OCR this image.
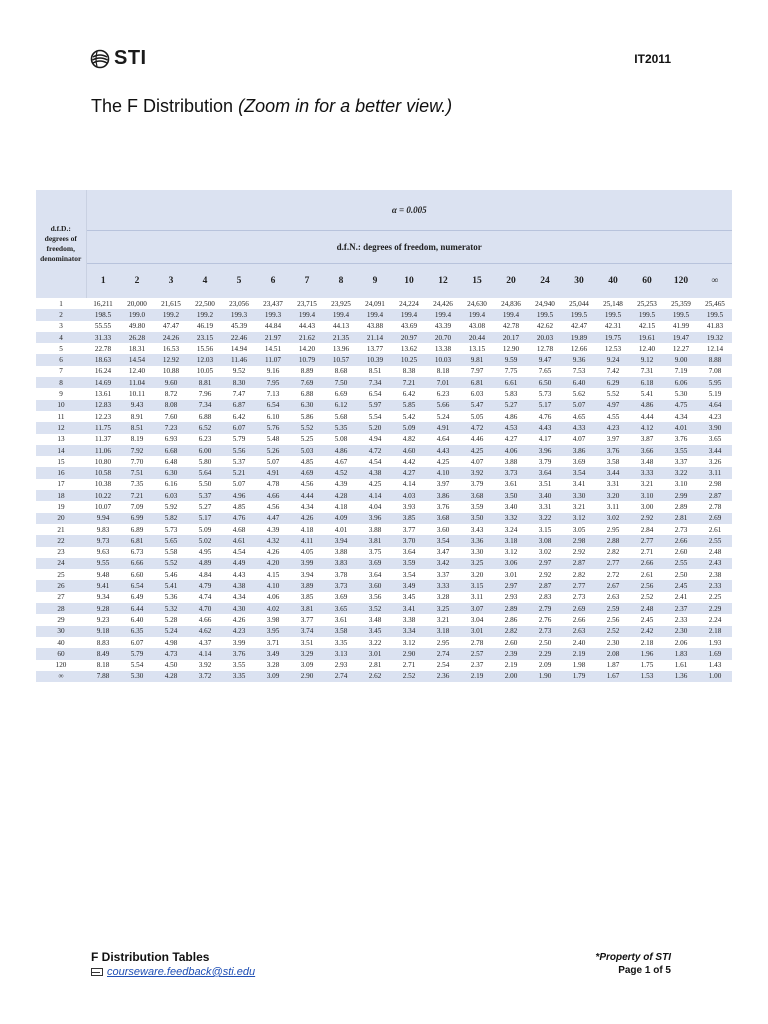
STI	IT2011
The F Distribution (Zoom in for a better view.)
d.f.D.:
degrees of
freedom,
denominator	α = 0.005																		
	d.f.N.: degrees of freedom, numerator																		
	1	2	3	4	5	6	7	8	9	10	12	15	20	24	30	40	60	120	∞
1	16,211	20,000	21,615	22,500	23,056	23,437	23,715	23,925	24,091	24,224	24,426	24,630	24,836	24,940	25,044	25,148	25,253	25,359	25,465
2	198.5	199.0	199.2	199.2	199.3	199.3	199.4	199.4	199.4	199.4	199.4	199.4	199.4	199.5	199.5	199.5	199.5	199.5	199.5
3	55.55	49.80	47.47	46.19	45.39	44.84	44.43	44.13	43.88	43.69	43.39	43.08	42.78	42.62	42.47	42.31	42.15	41.99	41.83
4	31.33	26.28	24.26	23.15	22.46	21.97	21.62	21.35	21.14	20.97	20.70	20.44	20.17	20.03	19.89	19.75	19.61	19.47	19.32
5	22.78	18.31	16.53	15.56	14.94	14.51	14.20	13.96	13.77	13.62	13.38	13.15	12.90	12.78	12.66	12.53	12.40	12.27	12.14
6	18.63	14.54	12.92	12.03	11.46	11.07	10.79	10.57	10.39	10.25	10.03	9.81	9.59	9.47	9.36	9.24	9.12	9.00	8.88
7	16.24	12.40	10.88	10.05	9.52	9.16	8.89	8.68	8.51	8.38	8.18	7.97	7.75	7.65	7.53	7.42	7.31	7.19	7.08
8	14.69	11.04	9.60	8.81	8.30	7.95	7.69	7.50	7.34	7.21	7.01	6.81	6.61	6.50	6.40	6.29	6.18	6.06	5.95
9	13.61	10.11	8.72	7.96	7.47	7.13	6.88	6.69	6.54	6.42	6.23	6.03	5.83	5.73	5.62	5.52	5.41	5.30	5.19
10	12.83	9.43	8.08	7.34	6.87	6.54	6.30	6.12	5.97	5.85	5.66	5.47	5.27	5.17	5.07	4.97	4.86	4.75	4.64
11	12.23	8.91	7.60	6.88	6.42	6.10	5.86	5.68	5.54	5.42	5.24	5.05	4.86	4.76	4.65	4.55	4.44	4.34	4.23
12	11.75	8.51	7.23	6.52	6.07	5.76	5.52	5.35	5.20	5.09	4.91	4.72	4.53	4.43	4.33	4.23	4.12	4.01	3.90
13	11.37	8.19	6.93	6.23	5.79	5.48	5.25	5.08	4.94	4.82	4.64	4.46	4.27	4.17	4.07	3.97	3.87	3.76	3.65
14	11.06	7.92	6.68	6.00	5.56	5.26	5.03	4.86	4.72	4.60	4.43	4.25	4.06	3.96	3.86	3.76	3.66	3.55	3.44
15	10.80	7.70	6.48	5.80	5.37	5.07	4.85	4.67	4.54	4.42	4.25	4.07	3.88	3.79	3.69	3.58	3.48	3.37	3.26
16	10.58	7.51	6.30	5.64	5.21	4.91	4.69	4.52	4.38	4.27	4.10	3.92	3.73	3.64	3.54	3.44	3.33	3.22	3.11
17	10.38	7.35	6.16	5.50	5.07	4.78	4.56	4.39	4.25	4.14	3.97	3.79	3.61	3.51	3.41	3.31	3.21	3.10	2.98
18	10.22	7.21	6.03	5.37	4.96	4.66	4.44	4.28	4.14	4.03	3.86	3.68	3.50	3.40	3.30	3.20	3.10	2.99	2.87
19	10.07	7.09	5.92	5.27	4.85	4.56	4.34	4.18	4.04	3.93	3.76	3.59	3.40	3.31	3.21	3.11	3.00	2.89	2.78
20	9.94	6.99	5.82	5.17	4.76	4.47	4.26	4.09	3.96	3.85	3.68	3.50	3.32	3.22	3.12	3.02	2.92	2.81	2.69
21	9.83	6.89	5.73	5.09	4.68	4.39	4.18	4.01	3.88	3.77	3.60	3.43	3.24	3.15	3.05	2.95	2.84	2.73	2.61
22	9.73	6.81	5.65	5.02	4.61	4.32	4.11	3.94	3.81	3.70	3.54	3.36	3.18	3.08	2.98	2.88	2.77	2.66	2.55
23	9.63	6.73	5.58	4.95	4.54	4.26	4.05	3.88	3.75	3.64	3.47	3.30	3.12	3.02	2.92	2.82	2.71	2.60	2.48
24	9.55	6.66	5.52	4.89	4.49	4.20	3.99	3.83	3.69	3.59	3.42	3.25	3.06	2.97	2.87	2.77	2.66	2.55	2.43
25	9.48	6.60	5.46	4.84	4.43	4.15	3.94	3.78	3.64	3.54	3.37	3.20	3.01	2.92	2.82	2.72	2.61	2.50	2.38
26	9.41	6.54	5.41	4.79	4.38	4.10	3.89	3.73	3.60	3.49	3.33	3.15	2.97	2.87	2.77	2.67	2.56	2.45	2.33
27	9.34	6.49	5.36	4.74	4.34	4.06	3.85	3.69	3.56	3.45	3.28	3.11	2.93	2.83	2.73	2.63	2.52	2.41	2.25
28	9.28	6.44	5.32	4.70	4.30	4.02	3.81	3.65	3.52	3.41	3.25	3.07	2.89	2.79	2.69	2.59	2.48	2.37	2.29
29	9.23	6.40	5.28	4.66	4.26	3.98	3.77	3.61	3.48	3.38	3.21	3.04	2.86	2.76	2.66	2.56	2.45	2.33	2.24
30	9.18	6.35	5.24	4.62	4.23	3.95	3.74	3.58	3.45	3.34	3.18	3.01	2.82	2.73	2.63	2.52	2.42	2.30	2.18
40	8.83	6.07	4.98	4.37	3.99	3.71	3.51	3.35	3.22	3.12	2.95	2.78	2.60	2.50	2.40	2.30	2.18	2.06	1.93
60	8.49	5.79	4.73	4.14	3.76	3.49	3.29	3.13	3.01	2.90	2.74	2.57	2.39	2.29	2.19	2.08	1.96	1.83	1.69
120	8.18	5.54	4.50	3.92	3.55	3.28	3.09	2.93	2.81	2.71	2.54	2.37	2.19	2.09	1.98	1.87	1.75	1.61	1.43
∞	7.88	5.30	4.28	3.72	3.35	3.09	2.90	2.74	2.62	2.52	2.36	2.19	2.00	1.90	1.79	1.67	1.53	1.36	1.00
F Distribution Tables
courseware.feedback@sti.edu
*Property of STI
Page 1 of 5
